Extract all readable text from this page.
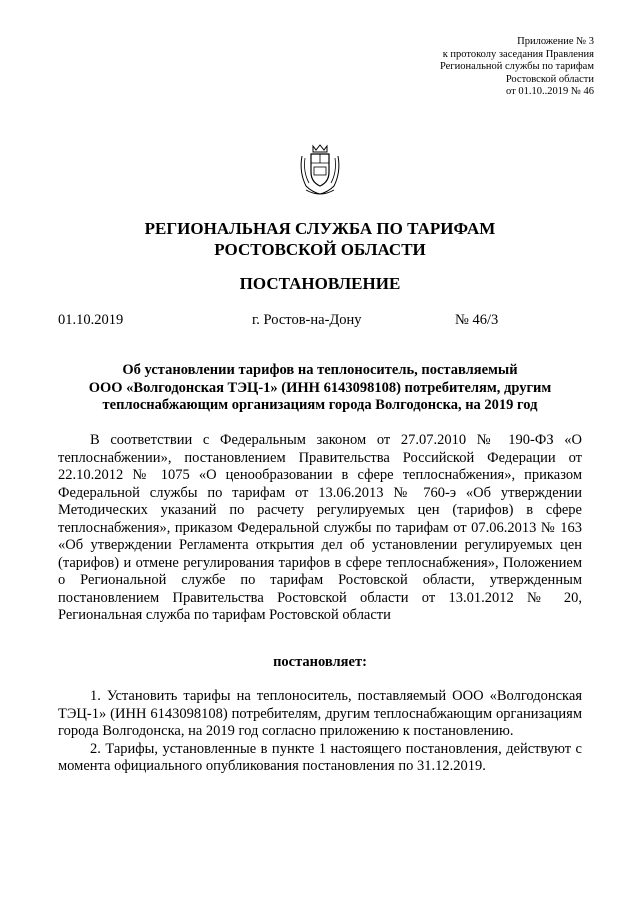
Приложение № 3
к протоколу заседания Правления
Региональной службы по тарифам
Ростовской области
от 01.10..2019 № 46
РЕГИОНАЛЬНАЯ СЛУЖБА ПО ТАРИФАМ
РОСТОВСКОЙ ОБЛАСТИ
ПОСТАНОВЛЕНИЕ
01.10.2019	г. Ростов-на-Дону	№ 46/3
Об установлении тарифов на теплоноситель, поставляемый
ООО «Волгодонская ТЭЦ-1» (ИНН 6143098108) потребителям, другим
теплоснабжающим организациям города Волгодонска, на 2019 год

В соответствии с Федеральным законом от 27.07.2010 № 190-ФЗ «О теплоснабжении», постановлением Правительства Российской Федерации от 22.10.2012 № 1075 «О ценообразовании в сфере теплоснабжения», приказом Федеральной службы по тарифам от 13.06.2013 № 760-э «Об утверждении Методических указаний по расчету регулируемых цен (тарифов) в сфере теплоснабжения», приказом Федеральной службы по тарифам от 07.06.2013 № 163 «Об утверждении Регламента открытия дел об установлении регулируемых цен (тарифов) и отмене регулирования тарифов в сфере теплоснабжения», Положением о Региональной службе по тарифам Ростовской области, утвержденным постановлением Правительства Ростовской области от 13.01.2012 № 20, Региональная служба по тарифам Ростовской области

постановляет:

1. Установить тарифы на теплоноситель, поставляемый ООО «Волгодонская ТЭЦ-1» (ИНН 6143098108) потребителям, другим теплоснабжающим организациям города Волгодонска, на 2019 год согласно приложению к постановлению.

2. Тарифы, установленные в пункте 1 настоящего постановления, действуют с момента официального опубликования постановления по 31.12.2019.
